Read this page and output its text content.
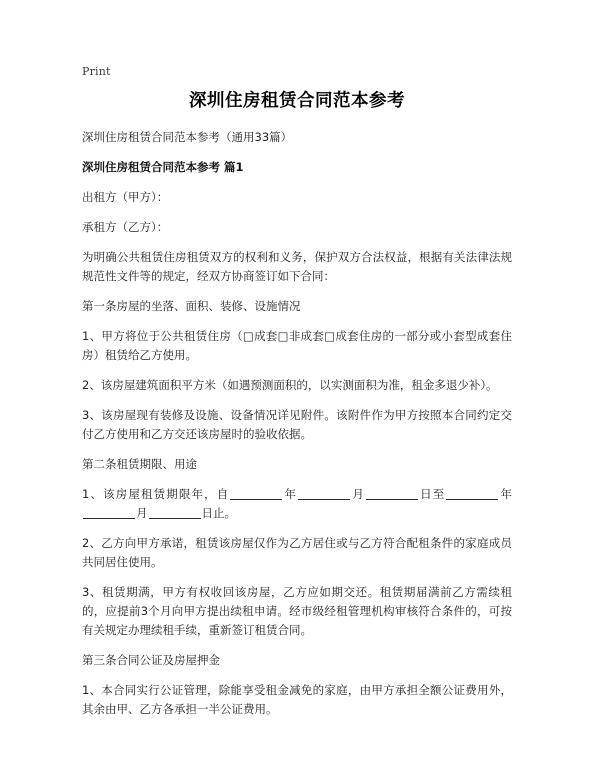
Print
深圳住房租赁合同范本参考

深圳住房租赁合同范本参考（通用33篇）

深圳住房租赁合同范本参考 篇1

出租方（甲方）：

承租方（乙方）：

为明确公共租赁住房租赁双方的权利和义务，保护双方合法权益，根据有关法律法规规范性文件等的规定，经双方协商签订如下合同：

第一条房屋的坐落、面积、装修、设施情况

1、甲方将位于公共租赁住房（□成套□非成套□成套住房的一部分或小套型成套住房）租赁给乙方使用。

2、该房屋建筑面积平方米（如遇预测面积的，以实测面积为准，租金多退少补）。

3、该房屋现有装修及设施、设备情况详见附件。该附件作为甲方按照本合同约定交付乙方使用和乙方交还该房屋时的验收依据。

第二条租赁期限、用途

1、该房屋租赁期限年，自	年	月	日至	年月	日止。

2、乙方向甲方承诺，租赁该房屋仅作为乙方居住或与乙方符合配租条件的家庭成员共同居住使用。

3、租赁期满，甲方有权收回该房屋，乙方应如期交还。租赁期届满前乙方需续租的，应提前3个月向甲方提出续租申请。经市级经租管理机构审核符合条件的，可按有关规定办理续租手续，重新签订租赁合同。

第三条合同公证及房屋押金

1、本合同实行公证管理，除能享受租金减免的家庭，由甲方承担全额公证费用外，其余由甲、乙方各承担一半公证费用。
